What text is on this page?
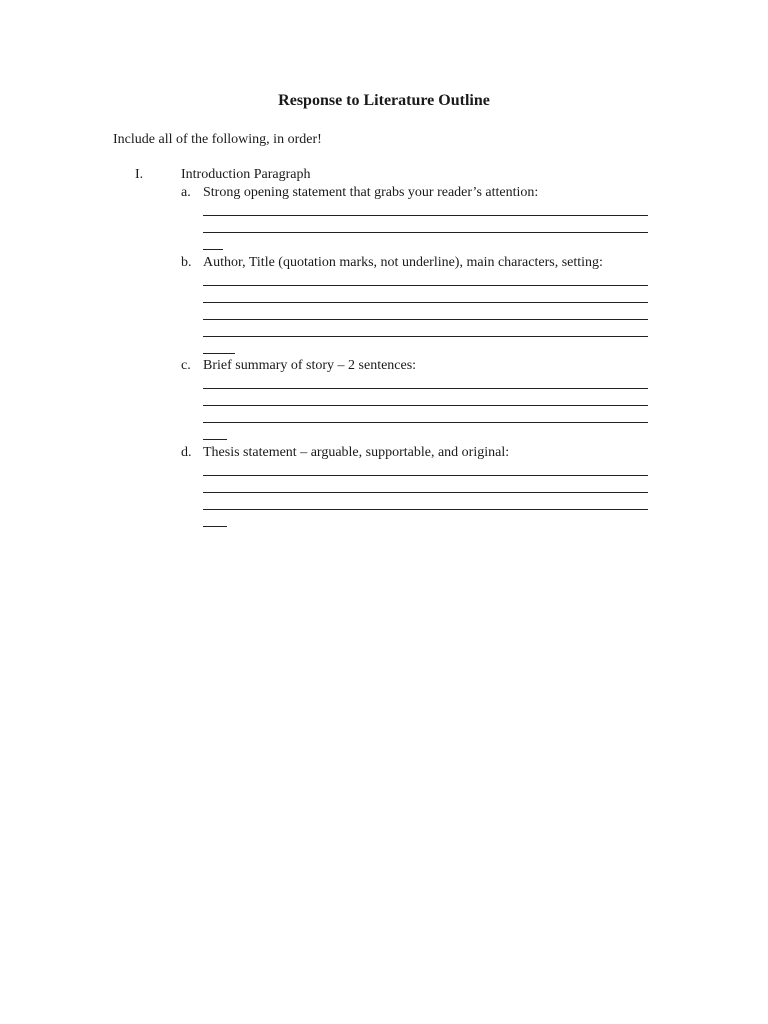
Response to Literature Outline
Include all of the following, in order!
I.	Introduction Paragraph
a. Strong opening statement that grabs your reader’s attention:
b. Author, Title (quotation marks, not underline), main characters, setting:
c. Brief summary of story – 2 sentences:
d. Thesis statement – arguable, supportable, and original:
